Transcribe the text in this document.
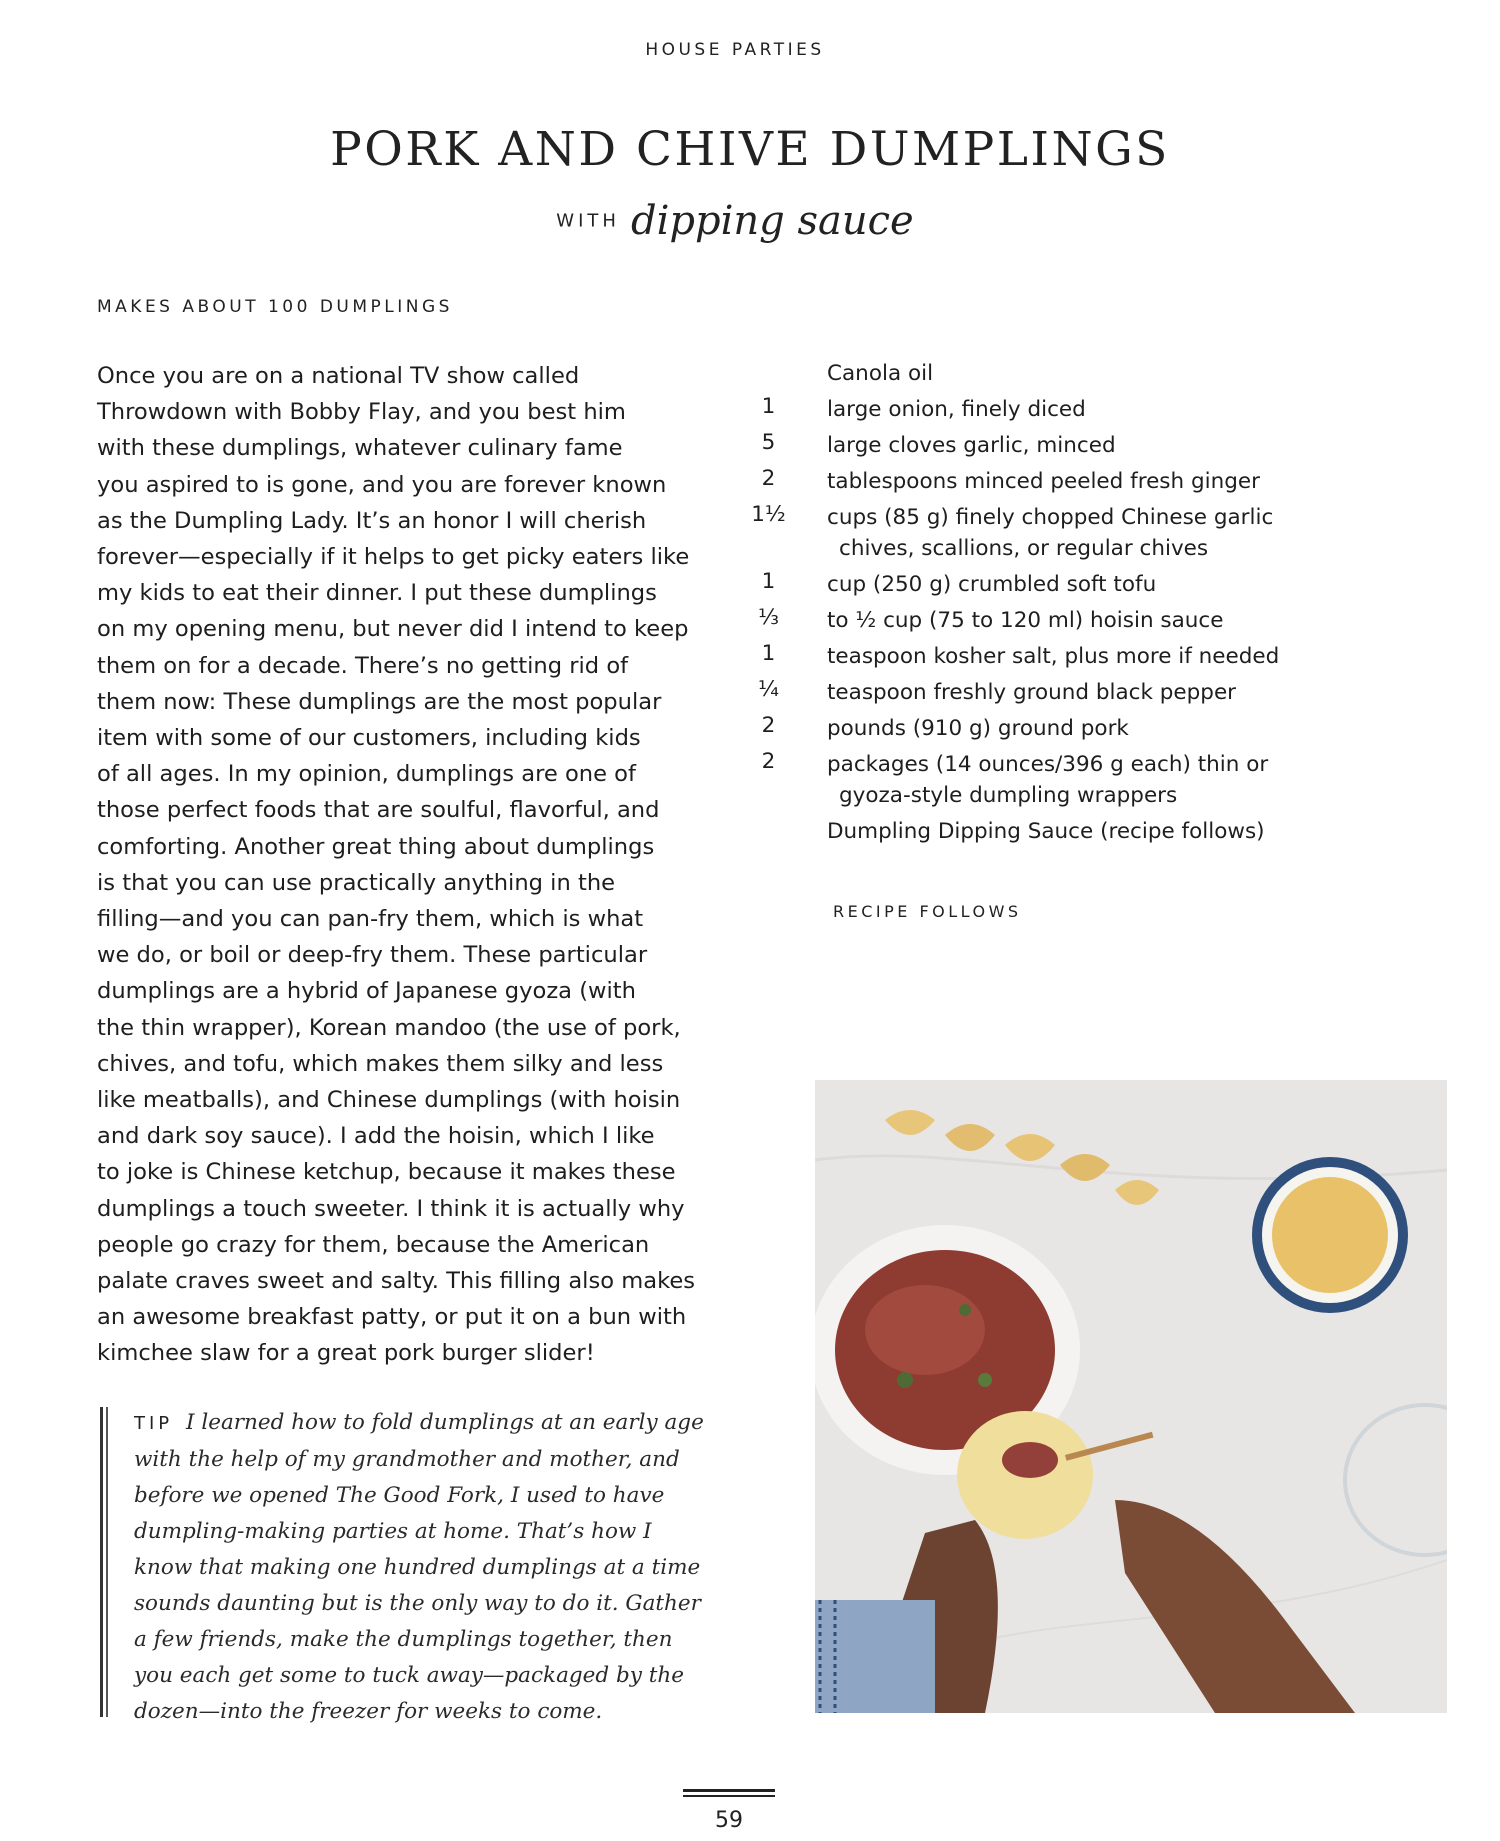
HOUSE PARTIES
PORK AND CHIVE DUMPLINGS
WITH dipping sauce
MAKES ABOUT 100 DUMPLINGS

Once you are on a national TV show called

Throwdown with Bobby Flay, and you best him

with these dumplings, whatever culinary fame

you aspired to is gone, and you are forever known

as the Dumpling Lady. It’s an honor I will cherish

forever—especially if it helps to get picky eaters like

my kids to eat their dinner. I put these dumplings

on my opening menu, but never did I intend to keep

them on for a decade. There’s no getting rid of

them now: These dumplings are the most popular

item with some of our customers, including kids

of all ages. In my opinion, dumplings are one of

those perfect foods that are soulful, flavorful, and

comforting. Another great thing about dumplings

is that you can use practically anything in the

filling—and you can pan-fry them, which is what

we do, or boil or deep-fry them. These particular

dumplings are a hybrid of Japanese gyoza (with

the thin wrapper), Korean mandoo (the use of pork,

chives, and tofu, which makes them silky and less

like meatballs), and Chinese dumplings (with hoisin

and dark soy sauce). I add the hoisin, which I like

to joke is Chinese ketchup, because it makes these

dumplings a touch sweeter. I think it is actually why

people go crazy for them, because the American

palate craves sweet and salty. This filling also makes

an awesome breakfast patty, or put it on a bun with

kimchee slaw for a great pork burger slider!

Canola oil
1	large onion, finely diced
5	large cloves garlic, minced
2	tablespoons minced peeled fresh ginger
1½	cups (85 g) finely chopped Chinese garlic
chives, scallions, or regular chives
1	cup (250 g) crumbled soft tofu
⅓	to ½ cup (75 to 120 ml) hoisin sauce
1	teaspoon kosher salt, plus more if needed
¼	teaspoon freshly ground black pepper
2	pounds (910 g) ground pork
2	packages (14 ounces/396 g each) thin or
gyoza-style dumpling wrappers
Dumpling Dipping Sauce (recipe follows)
RECIPE FOLLOWS
TIP I learned how to fold dumplings at an early age with the help of my grandmother and mother, and before we opened The Good Fork, I used to have dumpling-making parties at home. That’s how I know that making one hundred dumplings at a time sounds daunting but is the only way to do it. Gather a few friends, make the dumplings together, then you each get some to tuck away—packaged by the dozen—into the freezer for weeks to come.
59
